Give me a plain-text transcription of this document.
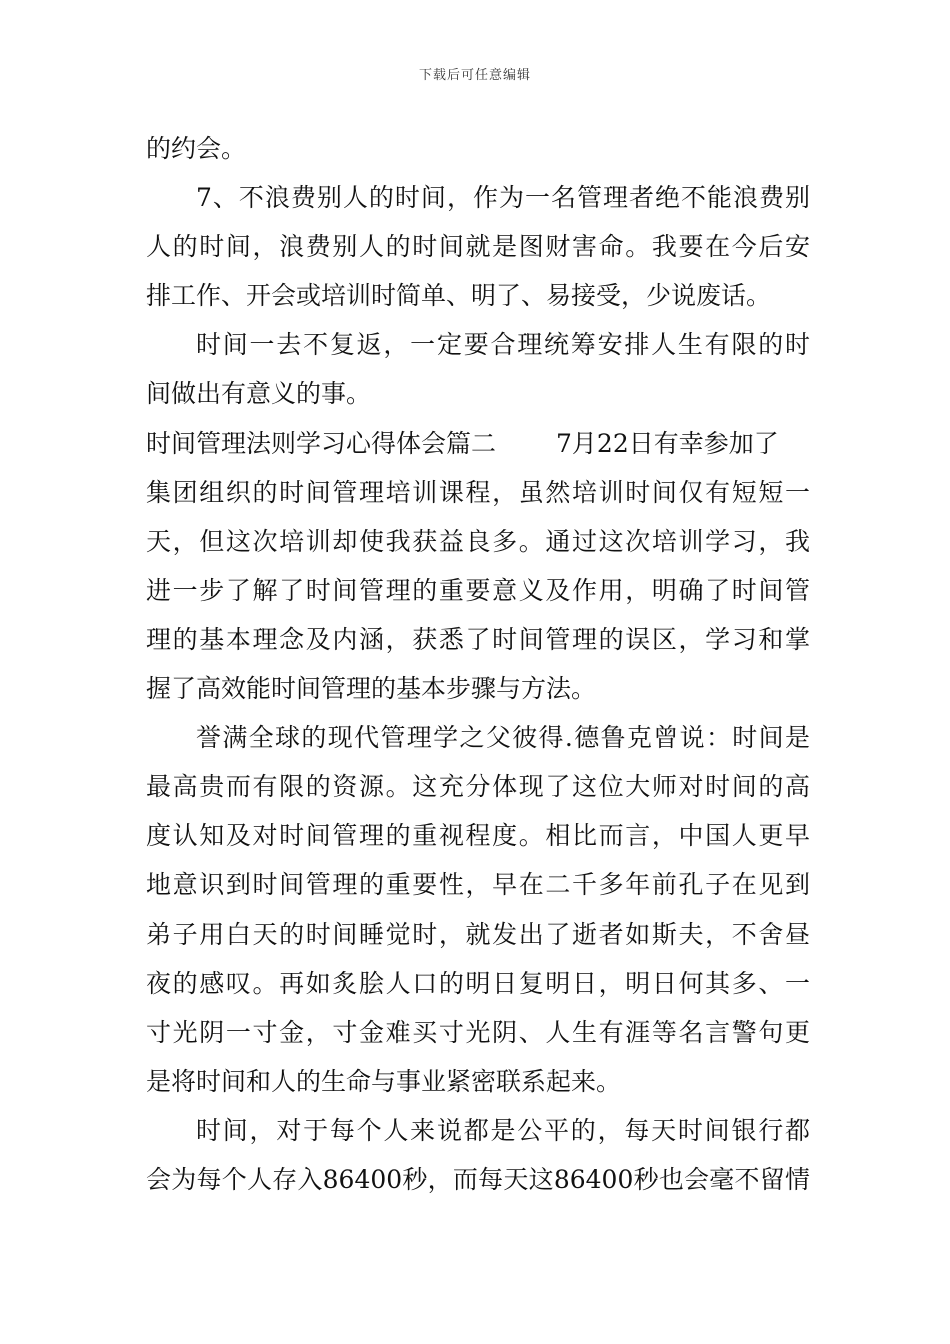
下载后可任意编辑
的约会。
7、不浪费别人的时间，作为一名管理者绝不能浪费别
人的时间，浪费别人的时间就是图财害命。我要在今后安
排工作、开会或培训时简单、明了、易接受，少说废话。
时间一去不复返，一定要合理统筹安排人生有限的时
间做出有意义的事。
时间管理法则学习心得体会篇二 7月22日有幸参加了
集团组织的时间管理培训课程，虽然培训时间仅有短短一
天，但这次培训却使我获益良多。通过这次培训学习，我
进一步了解了时间管理的重要意义及作用，明确了时间管
理的基本理念及内涵，获悉了时间管理的误区，学习和掌
握了高效能时间管理的基本步骤与方法。
誉满全球的现代管理学之父彼得.德鲁克曾说：时间是
最高贵而有限的资源。这充分体现了这位大师对时间的高
度认知及对时间管理的重视程度。相比而言，中国人更早
地意识到时间管理的重要性，早在二千多年前孔子在见到
弟子用白天的时间睡觉时，就发出了逝者如斯夫，不舍昼
夜的感叹。再如炙脍人口的明日复明日，明日何其多、一
寸光阴一寸金，寸金难买寸光阴、人生有涯等名言警句更
是将时间和人的生命与事业紧密联系起来。
时间，对于每个人来说都是公平的，每天时间银行都
会为每个人存入86400秒，而每天这86400秒也会毫不留情
